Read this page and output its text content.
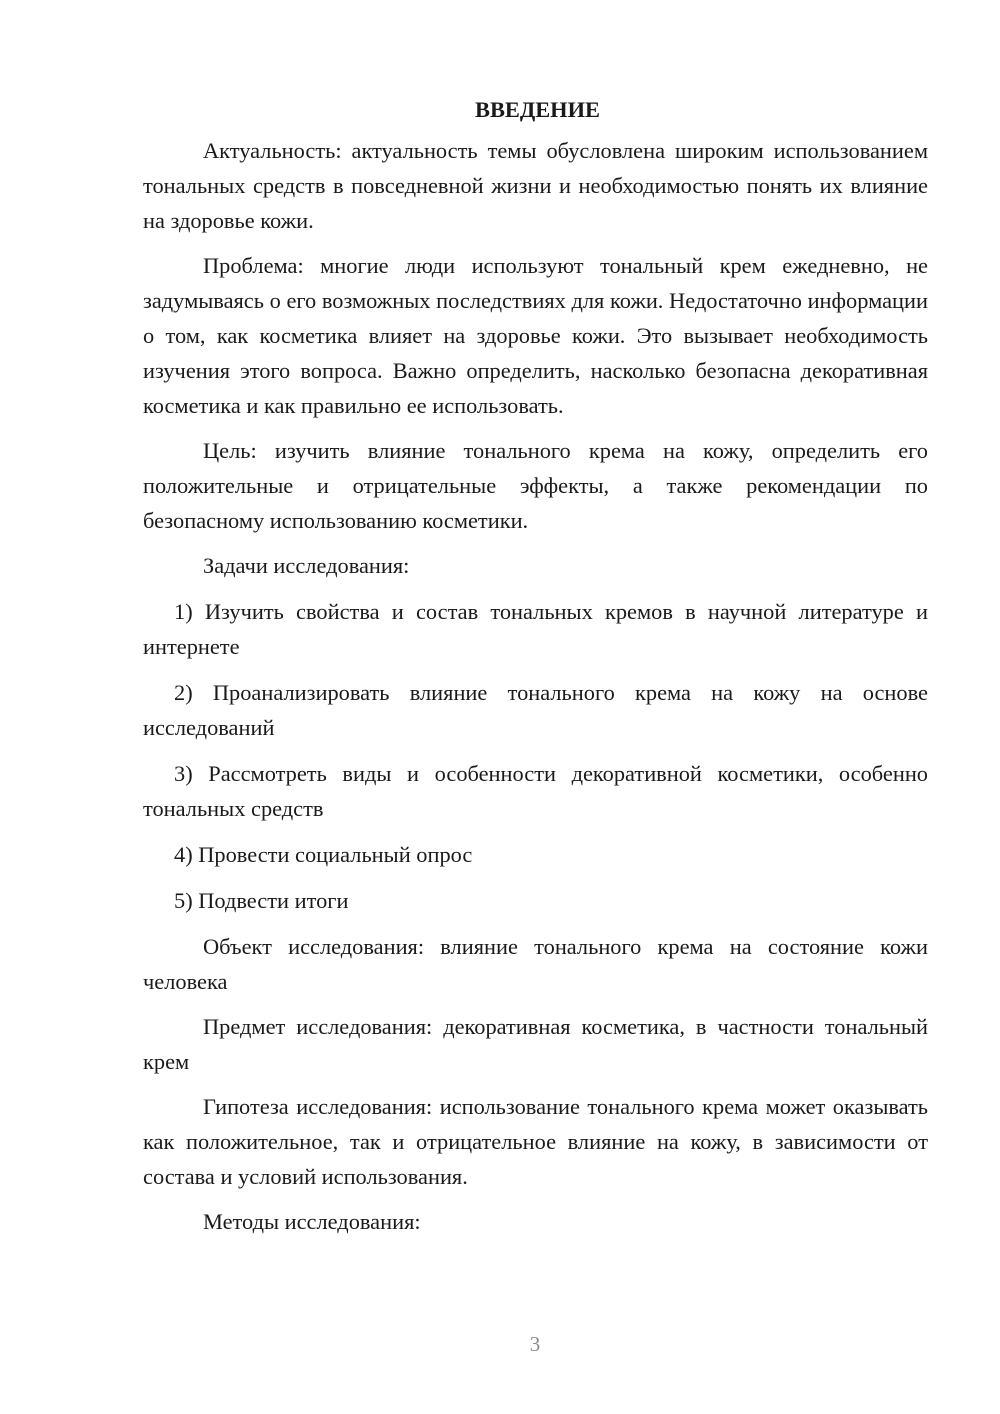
ВВЕДЕНИЕ

Актуальность: актуальность темы обусловлена широким использованием тональных средств в повседневной жизни и необходимостью понять их влияние на здоровье кожи.

Проблема: многие люди используют тональный крем ежедневно, не задумываясь о его возможных последствиях для кожи. Недостаточно информации о том, как косметика влияет на здоровье кожи. Это вызывает необходимость изучения этого вопроса. Важно определить, насколько безопасна декоративная косметика и как правильно ее использовать.

Цель: изучить влияние тонального крема на кожу, определить его положительные и отрицательные эффекты, а также рекомендации по безопасному использованию косметики.

Задачи исследования:

1) Изучить свойства и состав тональных кремов в научной литературе и интернете

2) Проанализировать влияние тонального крема на кожу на основе исследований

3) Рассмотреть виды и особенности декоративной косметики, особенно тональных средств

4) Провести социальный опрос

5) Подвести итоги

Объект исследования: влияние тонального крема на состояние кожи человека

Предмет исследования: декоративная косметика, в частности тональный крем

Гипотеза исследования: использование тонального крема может оказывать как положительное, так и отрицательное влияние на кожу, в зависимости от состава и условий использования.

Методы исследования:

3
